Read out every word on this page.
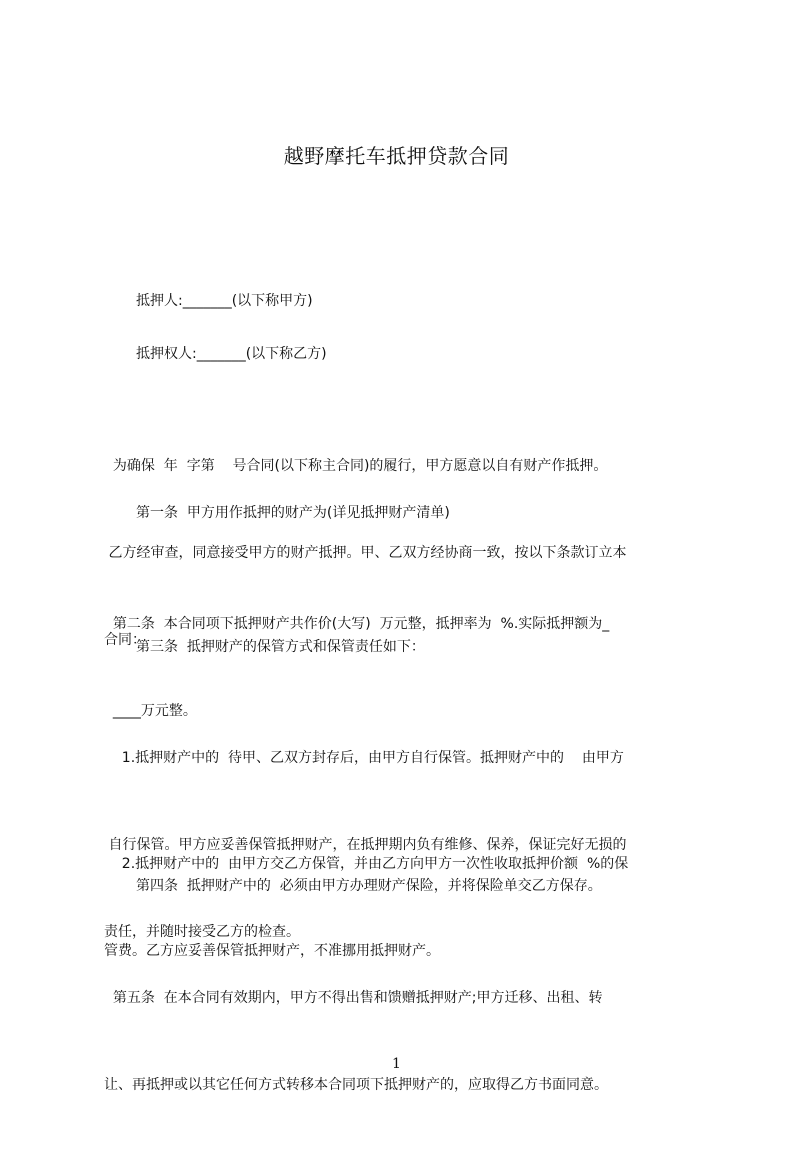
越野摩托车抵押贷款合同
抵押人:_______(以下称甲方)
抵押权人:_______(以下称乙方)

为确保  年  字第    号合同(以下称主合同)的履行，甲方愿意以自有财产作抵押。

乙方经审查，同意接受甲方的财产抵押。甲、乙双方经协商一致，按以下条款订立本

合同：

第一条  甲方用作抵押的财产为(详见抵押财产清单)

第二条  本合同项下抵押财产共作价(大写)  万元整，抵押率为  %.实际抵押额为_

____万元整。

第三条  抵押财产的保管方式和保管责任如下：

1.抵押财产中的  待甲、乙双方封存后，由甲方自行保管。抵押财产中的    由甲方

自行保管。甲方应妥善保管抵押财产，在抵押期内负有维修、保养，保证完好无损的

责任，并随时接受乙方的检查。

2.抵押财产中的  由甲方交乙方保管，并由乙方向甲方一次性收取抵押价额  %的保

管费。乙方应妥善保管抵押财产，不准挪用抵押财产。

第四条  抵押财产中的  必须由甲方办理财产保险，并将保险单交乙方保存。

第五条  在本合同有效期内，甲方不得出售和馈赠抵押财产;甲方迁移、出租、转

让、再抵押或以其它任何方式转移本合同项下抵押财产的，应取得乙方书面同意。

1
